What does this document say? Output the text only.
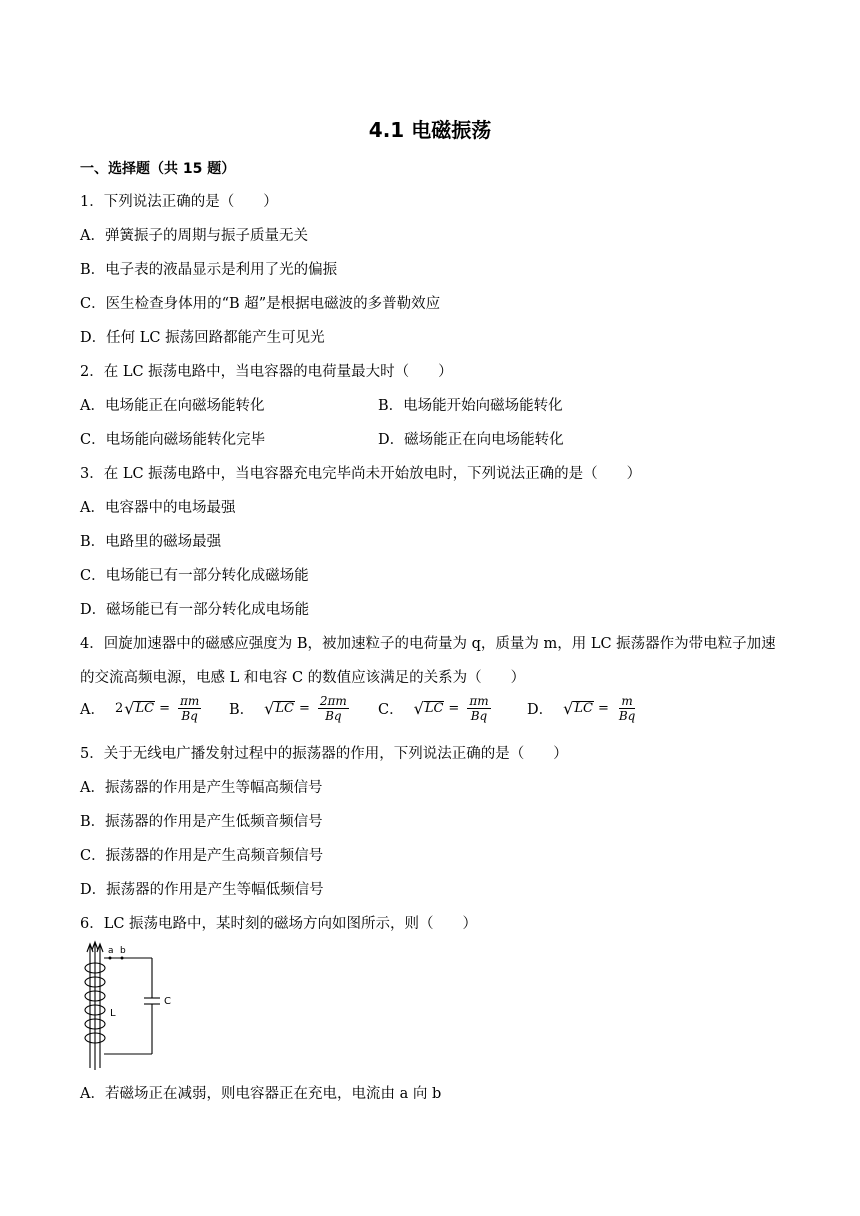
4.1 电磁振荡
一、选择题（共 15 题）
1．下列说法正确的是（　　）
A．弹簧振子的周期与振子质量无关
B．电子表的液晶显示是利用了光的偏振
C．医生检查身体用的“B 超”是根据电磁波的多普勒效应
D．任何 LC 振荡回路都能产生可见光
2．在 LC 振荡电路中，当电容器的电荷量最大时（　　）
A．电场能正在向磁场能转化	B．电场能开始向磁场能转化
C．电场能向磁场能转化完毕	D．磁场能正在向电场能转化
3．在 LC 振荡电路中，当电容器充电完毕尚未开始放电时，下列说法正确的是（　　）
A．电容器中的电场最强
B．电路里的磁场最强
C．电场能已有一部分转化成磁场能
D．磁场能已有一部分转化成电场能
4．回旋加速器中的磁感应强度为 B，被加速粒子的电荷量为 q，质量为 m，用 LC 振荡器作为带电粒子加速
的交流高频电源，电感 L 和电容 C 的数值应该满足的关系为（　　）
A． 2 √ LC = $\frac{\pi m}{Bq}$ B． √ LC = $\frac{2\pi m}{Bq}$ C． √ LC = $\frac{\pi m}{Bq}$	D． √ LC = $\frac{m}{Bq}$
5．关于无线电广播发射过程中的振荡器的作用，下列说法正确的是（　　）
A．振荡器的作用是产生等幅高频信号
B．振荡器的作用是产生低频音频信号
C．振荡器的作用是产生高频音频信号
D．振荡器的作用是产生等幅低频信号
6．LC 振荡电路中，某时刻的磁场方向如图所示，则（　　）
a b
L
C
A．若磁场正在减弱，则电容器正在充电，电流由 a 向 b
